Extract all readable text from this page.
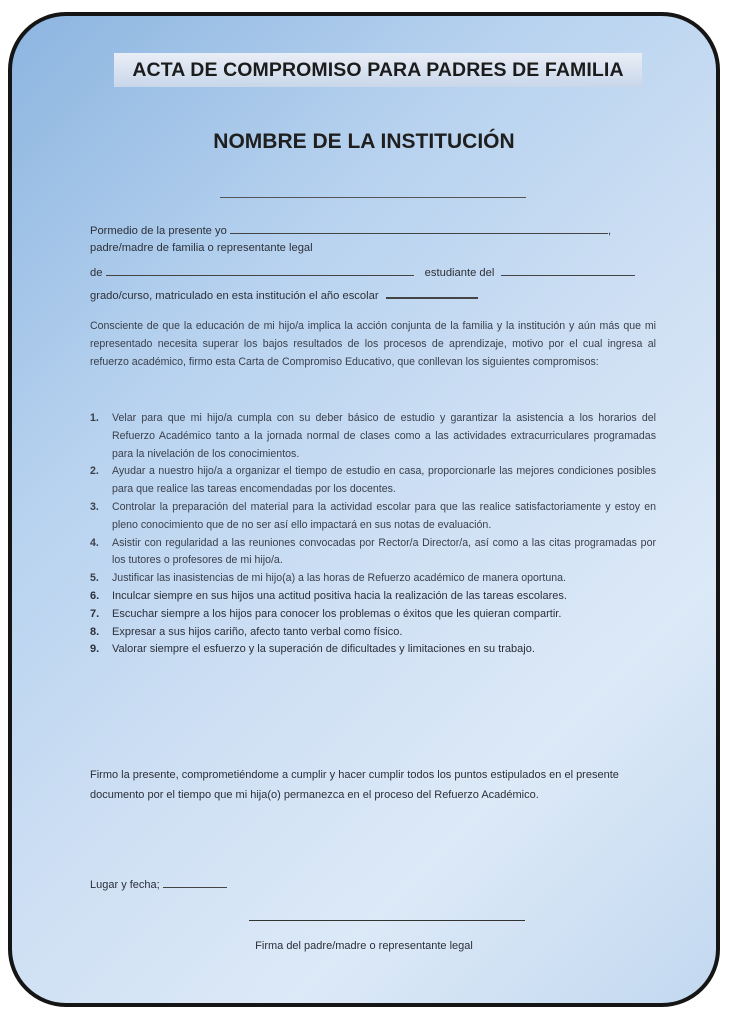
ACTA DE COMPROMISO PARA PADRES DE FAMILIA
NOMBRE DE LA INSTITUCIÓN
Pormedio de la presente yo	,
padre/madre de familia o representante legal
de	estudiante del
grado/curso, matriculado en esta institución el año escolar
Consciente de que la educación de mi hijo/a implica la acción conjunta de la familia y la institución y aún más que mi representado necesita superar los bajos resultados de los procesos de aprendizaje, motivo por el cual ingresa al refuerzo académico, firmo esta Carta de Compromiso Educativo, que conllevan los siguientes compromisos:
1. Velar para que mi hijo/a cumpla con su deber básico de estudio y garantizar la asistencia a los horarios del Refuerzo Académico tanto a la jornada normal de clases como a las actividades extracurriculares programadas para la nivelación de los conocimientos.
2. Ayudar a nuestro hijo/a a organizar el tiempo de estudio en casa, proporcionarle las mejores condiciones posibles para que realice las tareas encomendadas por los docentes.
3. Controlar la preparación del material para la actividad escolar para que las realice satisfactoriamente y estoy en pleno conocimiento que de no ser así ello impactará en sus notas de evaluación.
4. Asistir con regularidad a las reuniones convocadas por Rector/a Director/a, así como a las citas programadas por los tutores o profesores de mi hijo/a.
5. Justificar las inasistencias de mi hijo(a) a las horas de Refuerzo académico de manera oportuna.
6. Inculcar siempre en sus hijos una actitud positiva hacia la realización de las tareas escolares.
7. Escuchar siempre a los hijos para conocer los problemas o éxitos que les quieran compartir.
8. Expresar a sus hijos cariño, afecto tanto verbal como físico.
9. Valorar siempre el esfuerzo y la superación de dificultades y limitaciones en su trabajo.
Firmo la presente, comprometiéndome a cumplir y hacer cumplir todos los puntos estipulados en el presente documento por el tiempo que mi hija(o) permanezca en el proceso del Refuerzo Académico.
Lugar y fecha;
Firma del padre/madre o representante legal
